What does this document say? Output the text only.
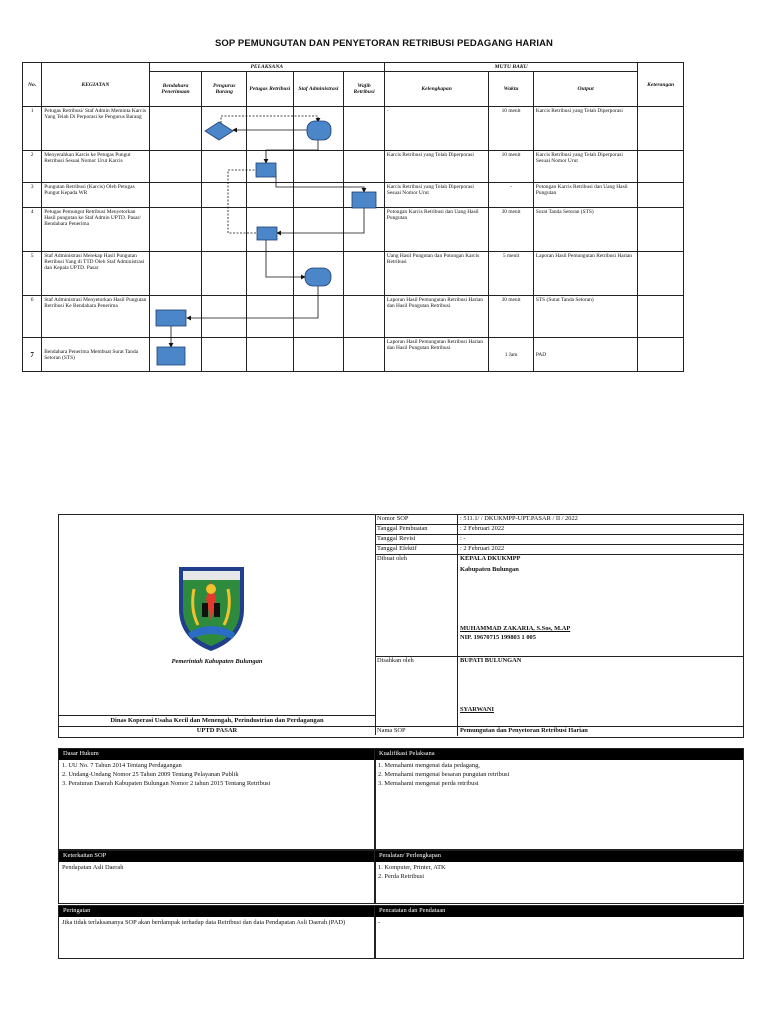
SOP PEMUNGUTAN DAN PENYETORAN RETRIBUSI PEDAGANG HARIAN
No.	KEGIATAN	PELAKSANA					MUTU BAKU			Keterangan
		Bendahara Penerimaan	Pengurus Barang	Petugas Retribusi	Staf Administrasi	Wajib Retribusi	Kelengkapan	Waktu	Output	
1	Petugas Retribusi/ Staf Admin Meminta Karcis Yang Telah Di Perporasi ke Pengurus Barang						-	10 menit	Karcis Retribusi yang Telah Diperporasi	
2	Menyerahkan Karcis ke Petugas Pungut Retribusi Sesuai Nomor Urut Karcis						Karcis Retribusi yang Telah Diperporasi	10 menit	Karcis Retribusi yang Telah Diperporasi Sesuai Nomor Urut	
3	Pungutan Retribusi (Karcis) Oleh Petugas Pungut Kepada WR						Karcis Retribusi yang Telah Diperporasi Sesuai Nomor Urut	-	Potongan Karcis Retribusi dan Uang Hasil Pungutan	
4	Petugas Pemungut Retribusi Menyetorkan Hasil pungutan ke Staf Admin UPTD. Pasar/ Bendahara Penerima						Potongan Karcis Retribusi dan Uang Hasil Pungutan	30 menit	Surat Tanda Setoran (STS)	
5	Staf Administrasi Merekap Hasil Pungutan Retribusi Yang di TTD Oleh Staf Administrasi dan Kepala UPTD. Pasar						Uang Hasil Pungutan dan Potongan Karcis Retribusi	5 menit	Laporan Hasil Pemungutan Retribusi Harian	
6	Staf Administrasi Menyetorkan Hasil Pungutan Retribusi Ke Bendahara Penerima						Laporan Hasil Pemungutan Retribusi Harian dan Hasil Pungutan Retribusi	30 menit	STS (Surat Tanda Setoran)	
7	Bendahara Penerima Membuat Surat Tanda Setoran (STS)						Laporan Hasil Pemungutan Retribusi Harian dan Hasil Pungutan Retribusi	1 Jam	PAD	
Pemerintah Kabupaten Bulungan
Dinas Koperasi Usaha Kecil dan Menengah, Perindustrian dan Perdagangan
UPTD PASAR
Nomor SOP	: 511.1/ / DKUKMPP-UPT.PASAR / II / 2022
Tanggal Pembuatan	: 2 Februari 2022
Tanggal Revisi	: -
Tanggal Efektif	: 2 Februari 2022
Dibuat oleh	KEPALA DKUKMPP
Kabupaten Bulungan
MUHAMMAD ZAKARIA, S.Sos, M.AP
NIP. 19670715 199803 1 005

Disahkan oleh	BUPATI BULUNGAN
SYARWANI

Nama SOP	Pemungutan dan Penyetoran Retribusi Harian
Dasar Hukum
1. UU No. 7 Tahun 2014 Tentang Perdagangan
2. Undang-Undang Nomor 25 Tahun 2009 Tentang Pelayanan Publik
3. Peraturan Daerah Kabupaten Bulungan Nomor 2 tahun 2015 Tentang Retribusi
Kualifikasi Pelaksana
1. Memahami mengenai data pedagang,
2. Memahami mengenai besaran pungutan retribusi
3. Memahami mengenai perda retribusi
Keterkaitan SOP
Pendapatan Asli Daerah
Peralatan/ Perlengkapan
1. Komputer, Printer, ATK
2. Perda Retribusi
Peringatan
Jika tidak terlaksananya SOP akan berdampak terhadap data Retribusi dan data Pendapatan Asli Daerah (PAD)
Pencatatan dan Pendataan
-
